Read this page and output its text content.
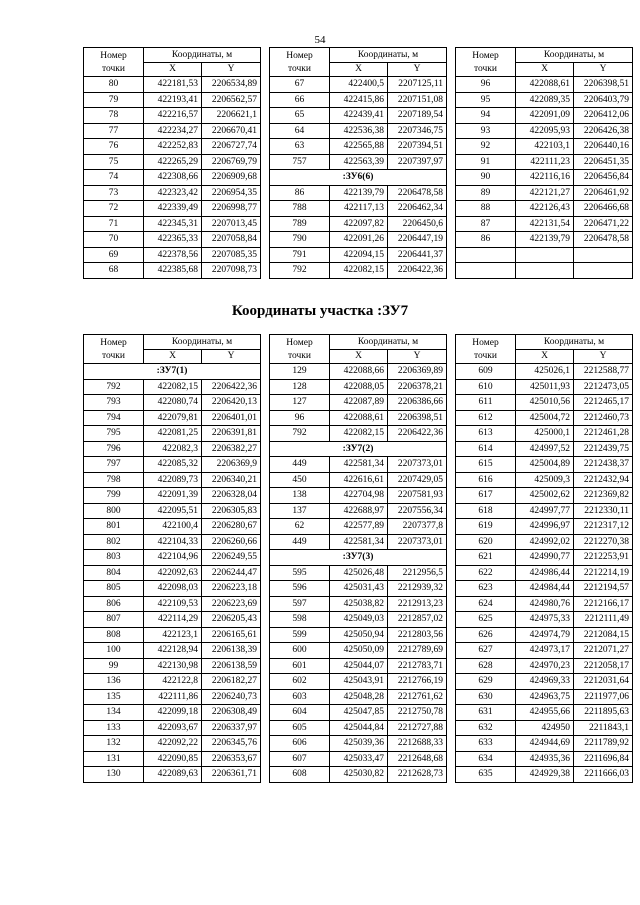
54
Координаты участка :ЗУ7
Номер
точки	Координаты, м	
	X	Y
80	422181,53	2206534,89
79	422193,41	2206562,57
78	422216,57	2206621,1
77	422234,27	2206670,41
76	422252,83	2206727,74
75	422265,29	2206769,79
74	422308,66	2206909,68
73	422323,42	2206954,35
72	422339,49	2206998,77
71	422345,31	2207013,45
70	422365,33	2207058,84
69	422378,56	2207085,35
68	422385,68	2207098,73
Номер
точки	Координаты, м	
	X	Y
67	422400,5	2207125,11
66	422415,86	2207151,08
65	422439,41	2207189,54
64	422536,38	2207346,75
63	422565,88	2207394,51
757	422563,39	2207397,97
:ЗУ6(6)		
86	422139,79	2206478,58
788	422117,13	2206462,34
789	422097,82	2206450,6
790	422091,26	2206447,19
791	422094,15	2206441,37
792	422082,15	2206422,36
Номер
точки	Координаты, м	
	X	Y
96	422088,61	2206398,51
95	422089,35	2206403,79
94	422091,09	2206412,06
93	422095,93	2206426,38
92	422103,1	2206440,16
91	422111,23	2206451,35
90	422116,16	2206456,84
89	422121,27	2206461,92
88	422126,43	2206466,68
87	422131,54	2206471,22
86	422139,79	2206478,58

Номер
точки	Координаты, м	
	X	Y
:ЗУ7(1)		
792	422082,15	2206422,36
793	422080,74	2206420,13
794	422079,81	2206401,01
795	422081,25	2206391,81
796	422082,3	2206382,27
797	422085,32	2206369,9
798	422089,73	2206340,21
799	422091,39	2206328,04
800	422095,51	2206305,83
801	422100,4	2206280,67
802	422104,33	2206260,66
803	422104,96	2206249,55
804	422092,63	2206244,47
805	422098,03	2206223,18
806	422109,53	2206223,69
807	422114,29	2206205,43
808	422123,1	2206165,61
100	422128,94	2206138,39
99	422130,98	2206138,59
136	422122,8	2206182,27
135	422111,86	2206240,73
134	422099,18	2206308,49
133	422093,67	2206337,97
132	422092,22	2206345,76
131	422090,85	2206353,67
130	422089,63	2206361,71
Номер
точки	Координаты, м	
	X	Y
129	422088,66	2206369,89
128	422088,05	2206378,21
127	422087,89	2206386,66
96	422088,61	2206398,51
792	422082,15	2206422,36
:ЗУ7(2)		
449	422581,34	2207373,01
450	422616,61	2207429,05
138	422704,98	2207581,93
137	422688,97	2207556,34
62	422577,89	2207377,8
449	422581,34	2207373,01
:ЗУ7(3)		
595	425026,48	2212956,5
596	425031,43	2212939,32
597	425038,82	2212913,23
598	425049,03	2212857,02
599	425050,94	2212803,56
600	425050,09	2212789,69
601	425044,07	2212783,71
602	425043,91	2212766,19
603	425048,28	2212761,62
604	425047,85	2212750,78
605	425044,84	2212727,88
606	425039,36	2212688,33
607	425033,47	2212648,68
608	425030,82	2212628,73
Номер
точки	Координаты, м	
	X	Y
609	425026,1	2212588,77
610	425011,93	2212473,05
611	425010,56	2212465,17
612	425004,72	2212460,73
613	425000,1	2212461,28
614	424997,52	2212439,75
615	425004,89	2212438,37
616	425009,3	2212432,94
617	425002,62	2212369,82
618	424997,77	2212330,11
619	424996,97	2212317,12
620	424992,02	2212270,38
621	424990,77	2212253,91
622	424986,44	2212214,19
623	424984,44	2212194,57
624	424980,76	2212166,17
625	424975,33	2212111,49
626	424974,79	2212084,15
627	424973,17	2212071,27
628	424970,23	2212058,17
629	424969,33	2212031,64
630	424963,75	2211977,06
631	424955,66	2211895,63
632	424950	2211843,1
633	424944,69	2211789,92
634	424935,36	2211696,84
635	424929,38	2211666,03
